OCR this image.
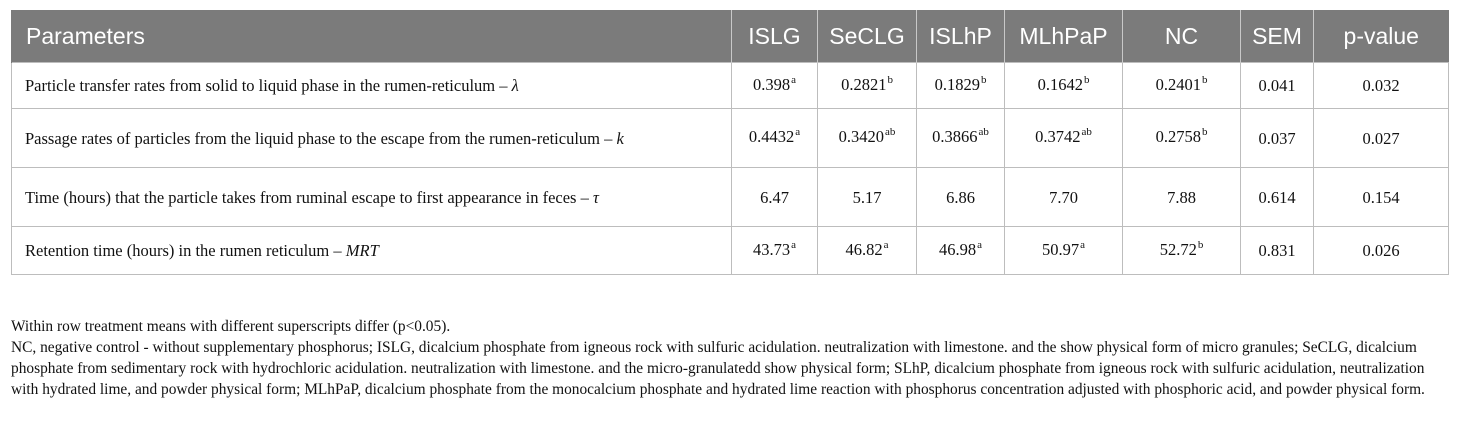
Parameters	ISLG	SeCLG	ISLhP	MLhPaP	NC	SEM	p-value
Particle transfer rates from solid to liquid phase in the rumen-reticulum – λ	0.398$^a$	0.2821$^b$	0.1829$^b$	0.1642$^b$	0.2401$^b$	0.041	0.032
Passage rates of particles from the liquid phase to the escape from the rumen-reticulum – k	0.4432$^a$	0.3420$^{ab}$	0.3866$^{ab}$	0.3742$^{ab}$	0.2758$^b$	0.037	0.027
Time (hours) that the particle takes from ruminal escape to first appearance in feces – τ	6.47	5.17	6.86	7.70	7.88	0.614	0.154
Retention time (hours) in the rumen reticulum – MRT	43.73$^a$	46.82$^a$	46.98$^a$	50.97$^a$	52.72$^b$	0.831	0.026

Within row treatment means with different superscripts differ (p<0.05).

NC, negative control - without supplementary phosphorus; ISLG, dicalcium phosphate from igneous rock with sulfuric acidulation. neutralization with limestone. and the show physical form of micro granules; SeCLG, dicalcium phosphate from sedimentary rock with hydrochloric acidulation. neutralization with limestone. and the micro-granulatedd show physical form; SLhP, dicalcium phosphate from igneous rock with sulfuric acidulation, neutralization with hydrated lime, and powder physical form; MLhPaP, dicalcium phosphate from the monocalcium phosphate and hydrated lime reaction with phosphorus concentration adjusted with phosphoric acid, and powder physical form.
